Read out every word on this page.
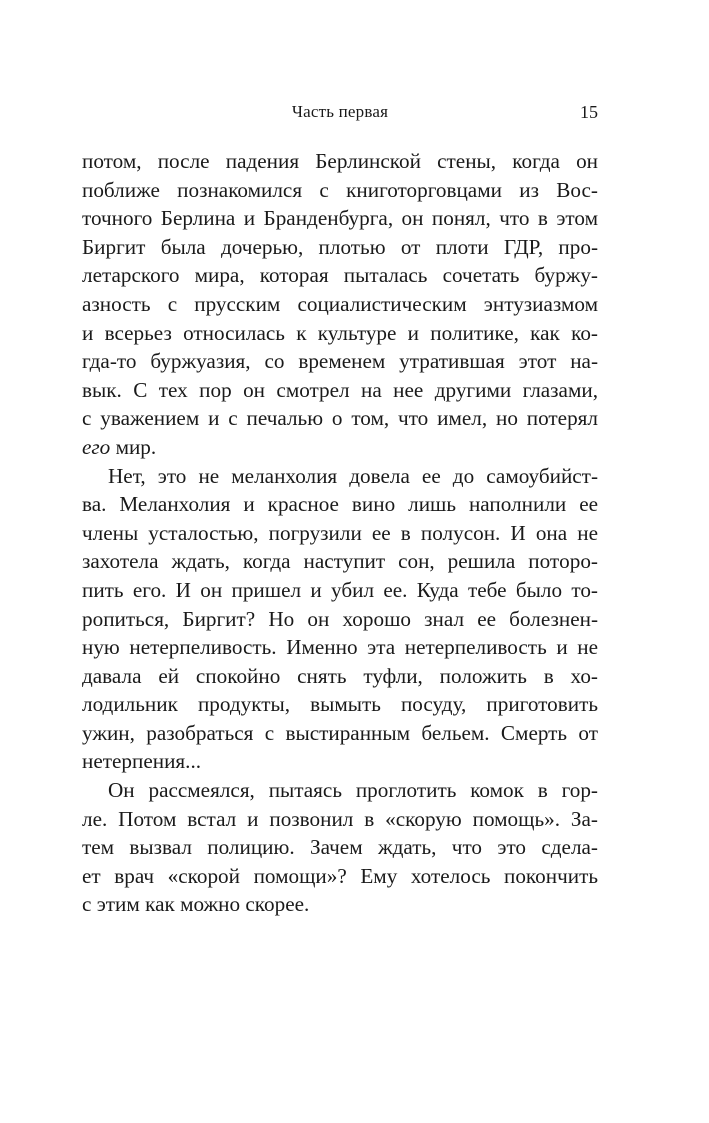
Часть первая	15
потом, после падения Берлинской стены, когда он
поближе познакомился с книготорговцами из Вос-
точного Берлина и Бранденбурга, он понял, что в этом
Биргит была дочерью, плотью от плоти ГДР, про-
летарского мира, которая пыталась сочетать буржу-
азность с прусским социалистическим энтузиазмом
и всерьез относилась к культуре и политике, как ко-
гда-то буржуазия, со временем утратившая этот на-
вык. С тех пор он смотрел на нее другими глазами,
с уважением и с печалью о том, что имел, но потерял
его мир.
Нет, это не меланхолия довела ее до самоубийст-
ва. Меланхолия и красное вино лишь наполнили ее
члены усталостью, погрузили ее в полусон. И она не
захотела ждать, когда наступит сон, решила потoро-
пить его. И он пришел и убил ее. Куда тебе было то-
ропиться, Биргит? Но он хорошо знал ее болезнен-
ную нетерпеливость. Именно эта нетерпеливость и не
давала ей спокойно снять туфли, положить в хо-
лодильник продукты, вымыть посуду, приготовить
ужин, разобраться с выстиранным бельем. Смерть от
нетерпения...
Он рассмеялся, пытаясь проглотить комок в гор-
ле. Потом встал и позвонил в «скорую помощь». За-
тем вызвал полицию. Зачем ждать, что это сдела-
ет врач «скорой помощи»? Ему хотелось покончить
с этим как можно скорее.
